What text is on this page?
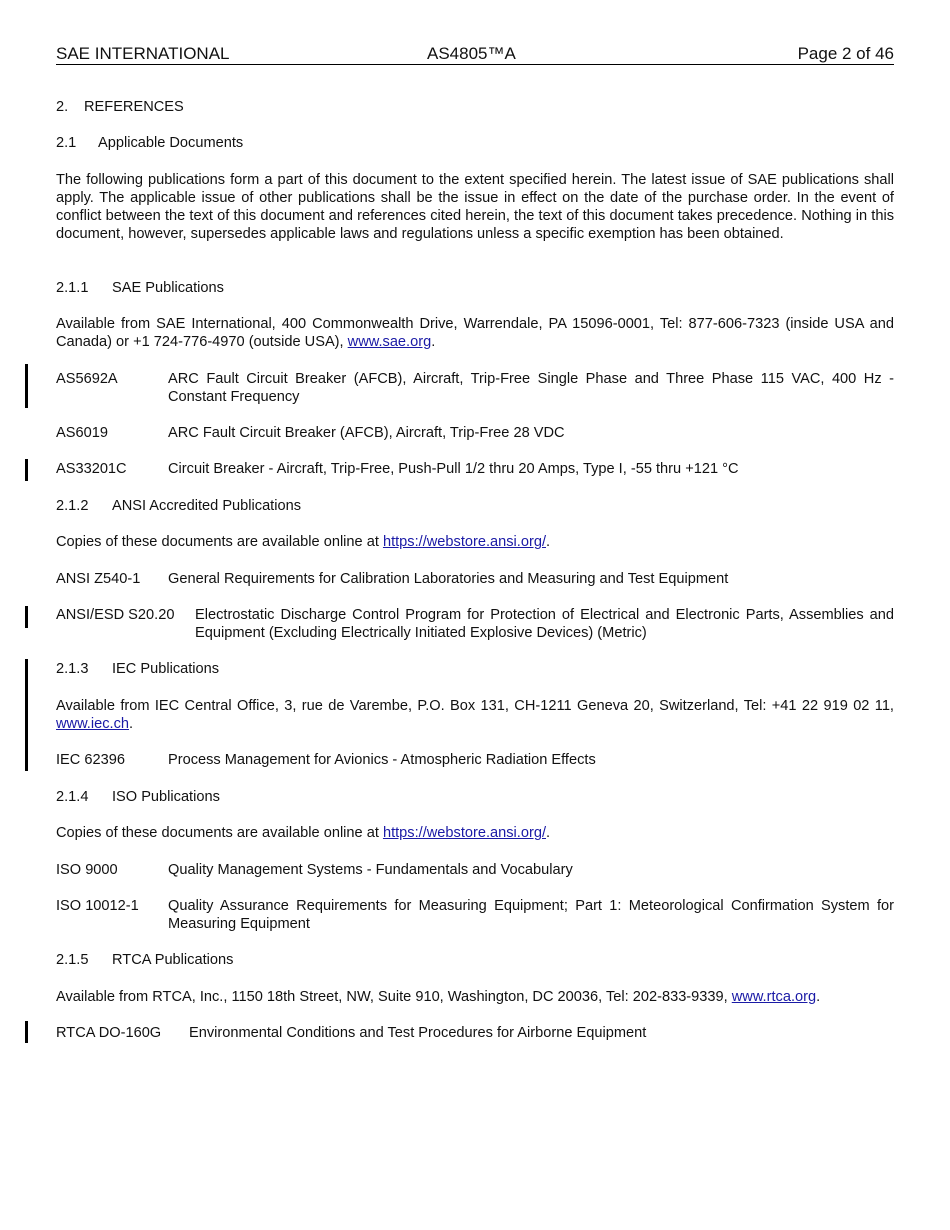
SAE INTERNATIONAL	AS4805™A	Page 2 of 46
2. REFERENCES
2.1 Applicable Documents
The following publications form a part of this document to the extent specified herein. The latest issue of SAE publications shall apply. The applicable issue of other publications shall be the issue in effect on the date of the purchase order. In the event of conflict between the text of this document and references cited herein, the text of this document takes precedence. Nothing in this document, however, supersedes applicable laws and regulations unless a specific exemption has been obtained.
2.1.1 SAE Publications
Available from SAE International, 400 Commonwealth Drive, Warrendale, PA 15096-0001, Tel: 877-606-7323 (inside USA and Canada) or +1 724-776-4970 (outside USA), www.sae.org.
AS5692A	ARC Fault Circuit Breaker (AFCB), Aircraft, Trip-Free Single Phase and Three Phase 115 VAC, 400 Hz - Constant Frequency
AS6019	ARC Fault Circuit Breaker (AFCB), Aircraft, Trip-Free 28 VDC
AS33201C	Circuit Breaker - Aircraft, Trip-Free, Push-Pull 1/2 thru 20 Amps, Type I, -55 thru +121 °C
2.1.2 ANSI Accredited Publications
Copies of these documents are available online at https://webstore.ansi.org/.
ANSI Z540-1 General Requirements for Calibration Laboratories and Measuring and Test Equipment
ANSI/ESD S20.20 Electrostatic Discharge Control Program for Protection of Electrical and Electronic Parts, Assemblies and Equipment (Excluding Electrically Initiated Explosive Devices) (Metric)
2.1.3 IEC Publications
Available from IEC Central Office, 3, rue de Varembe, P.O. Box 131, CH-1211 Geneva 20, Switzerland, Tel: +41 22 919 02 11, www.iec.ch.
IEC 62396	Process Management for Avionics - Atmospheric Radiation Effects
2.1.4 ISO Publications
Copies of these documents are available online at https://webstore.ansi.org/.
ISO 9000	Quality Management Systems - Fundamentals and Vocabulary
ISO 10012-1 Quality Assurance Requirements for Measuring Equipment; Part 1: Meteorological Confirmation System for Measuring Equipment
2.1.5 RTCA Publications
Available from RTCA, Inc., 1150 18th Street, NW, Suite 910, Washington, DC 20036, Tel: 202-833-9339, www.rtca.org.
RTCA DO-160G Environmental Conditions and Test Procedures for Airborne Equipment
